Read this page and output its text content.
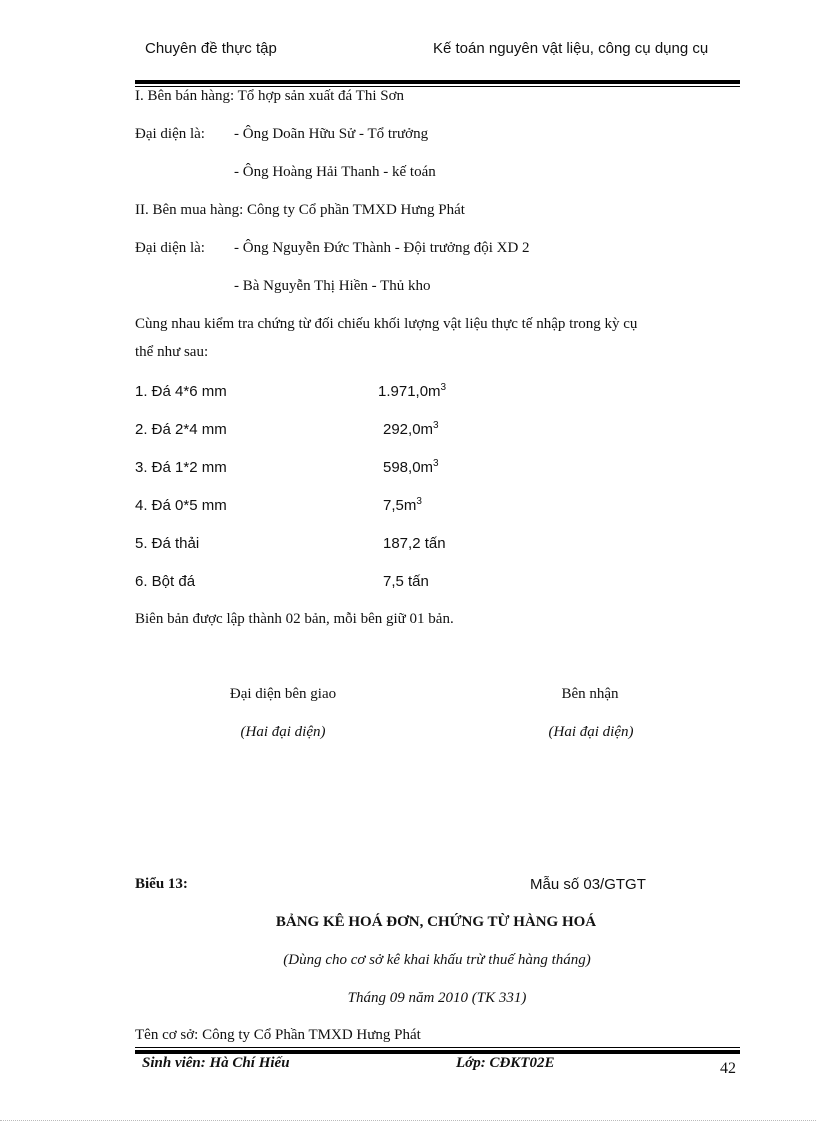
Chuyên đề thực tập	Kế toán nguyên vật liệu, công cụ dụng cụ
I. Bên bán hàng: Tổ hợp sản xuất đá Thi Sơn
Đại diện là: - Ông Doãn Hữu Sử - Tổ trưởng
- Ông Hoàng Hải Thanh - kế toán
II. Bên mua hàng: Công ty Cổ phần TMXD Hưng Phát
Đại diện là: - Ông Nguyễn Đức Thành - Đội trưởng đội XD 2
- Bà Nguyễn Thị Hiền - Thủ kho
Cùng nhau kiểm tra chứng từ đối chiếu khối lượng vật liệu thực tế nhập trong kỳ cụ
thể như sau:
1. Đá 4*6 mm	$1.971,0m^3$
2. Đá 2*4 mm	$292,0m^3$
3. Đá 1*2 mm	$598,0m^3$
4. Đá 0*5 mm	$7,5m^3$
5. Đá thải	187,2 tấn
6. Bột đá	7,5 tấn
Biên bản được lập thành 02 bản, mỗi bên giữ 01 bản.
Đại diện bên giao
(Hai đại diện)
Bên nhận
(Hai đại diện)
Biểu 13:	Mẫu số 03/GTGT
BẢNG KÊ HOÁ ĐƠN, CHỨNG TỪ HÀNG HOÁ
(Dùng cho cơ sở kê khai khấu trừ thuế hàng tháng)
Tháng 09 năm 2010 (TK 331)
Tên cơ sở: Công ty Cổ Phần TMXD Hưng Phát
Sinh viên: Hà Chí Hiếu	Lớp: CĐKT02E	42
